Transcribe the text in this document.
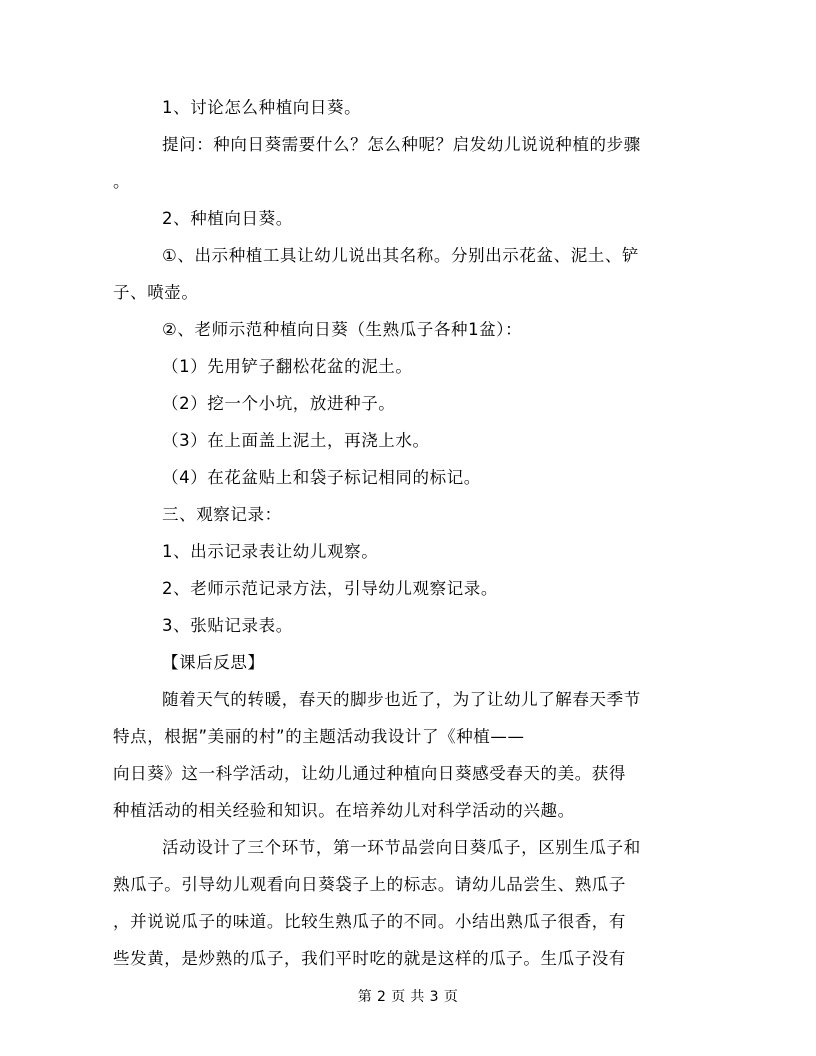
1、讨论怎么种植向日葵。
提问：种向日葵需要什么？怎么种呢？启发幼儿说说种植的步骤
。
2、种植向日葵。
①、出示种植工具让幼儿说出其名称。分别出示花盆、泥土、铲
子、喷壶。
②、老师示范种植向日葵（生熟瓜子各种1盆）：
（1）先用铲子翻松花盆的泥土。
（2）挖一个小坑，放进种子。
（3）在上面盖上泥土，再浇上水。
（4）在花盆贴上和袋子标记相同的标记。
三、观察记录：
1、出示记录表让幼儿观察。
2、老师示范记录方法，引导幼儿观察记录。
3、张贴记录表。
【课后反思】
随着天气的转暖，春天的脚步也近了，为了让幼儿了解春天季节
特点，根据”美丽的村”的主题活动我设计了《种植——
向日葵》这一科学活动，让幼儿通过种植向日葵感受春天的美。获得
种植活动的相关经验和知识。在培养幼儿对科学活动的兴趣。
活动设计了三个环节，第一环节品尝向日葵瓜子，区别生瓜子和
熟瓜子。引导幼儿观看向日葵袋子上的标志。请幼儿品尝生、熟瓜子
，并说说瓜子的味道。比较生熟瓜子的不同。小结出熟瓜子很香，有
些发黄，是炒熟的瓜子，我们平时吃的就是这样的瓜子。生瓜子没有
第 2 页 共 3 页
